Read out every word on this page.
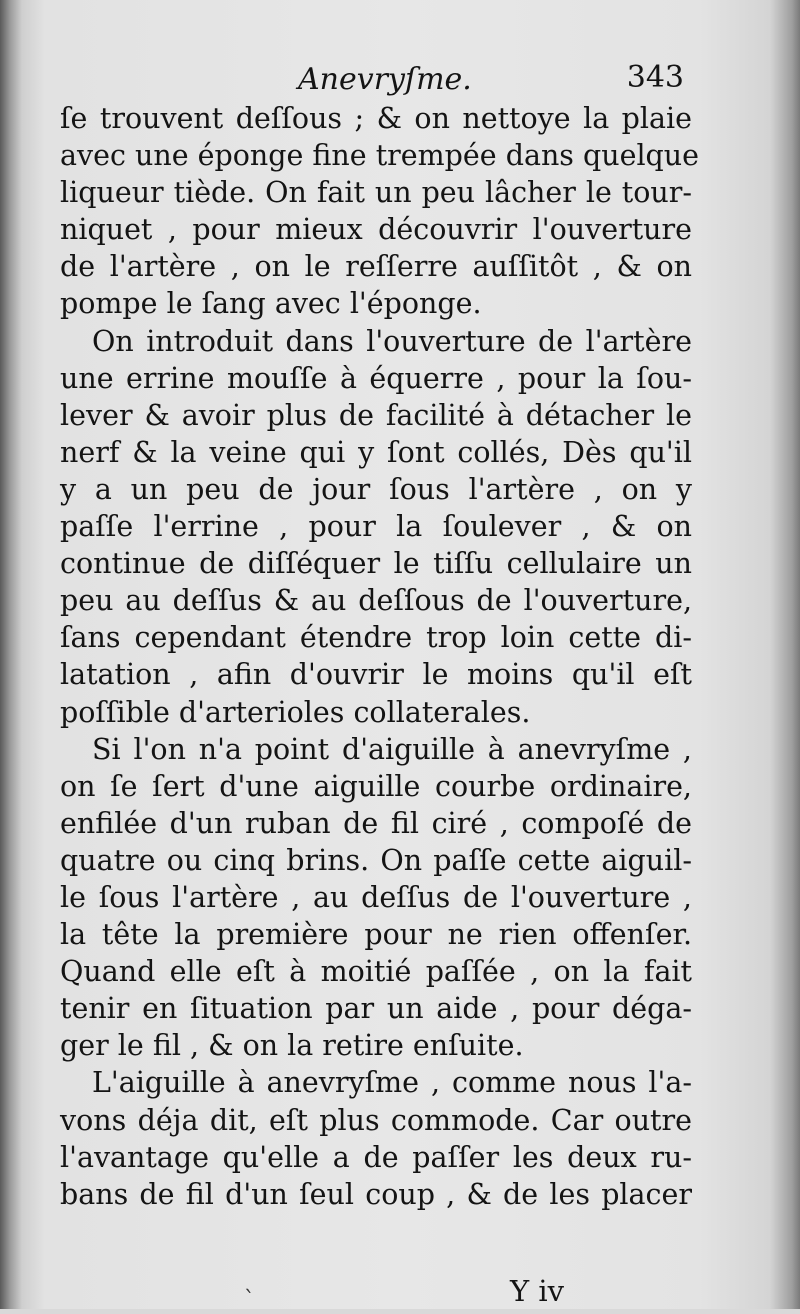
Anevryſme.	343
ſe trouvent deſſous ; & on nettoye la plaie
avec une éponge fine trempée dans quelque
liqueur tiède. On fait un peu lâcher le tour-
niquet , pour mieux découvrir l'ouverture
de l'artère , on le reſſerre auſſitôt , & on
pompe le ſang avec l'éponge.
On introduit dans l'ouverture de l'artère
une errine mouſſe à équerre , pour la ſou-
lever & avoir plus de facilité à détacher le
nerf & la veine qui y ſont collés, Dès qu'il
y a un peu de jour ſous l'artère , on y
paſſe l'errine , pour la ſoulever , & on
continue de diſſéquer le tiſſu cellulaire un
peu au deſſus & au deſſous de l'ouverture,
ſans cependant étendre trop loin cette di-
latation , afin d'ouvrir le moins qu'il eſt
poſſible d'arterioles collaterales.
Si l'on n'a point d'aiguille à anevryſme ,
on ſe ſert d'une aiguille courbe ordinaire,
enfilée d'un ruban de fil ciré , compoſé de
quatre ou cinq brins. On paſſe cette aiguil-
le ſous l'artère , au deſſus de l'ouverture ,
la tête la première pour ne rien offenſer.
Quand elle eſt à moitié paſſée , on la fait
tenir en ſituation par un aide , pour déga-
ger le fil , & on la retire enſuite.
L'aiguille à anevryſme , comme nous l'a-
vons déja dit, eſt plus commode. Car outre
l'avantage qu'elle a de paſſer les deux ru-
bans de fil d'un ſeul coup , & de les placer
ˋ	Y iv
